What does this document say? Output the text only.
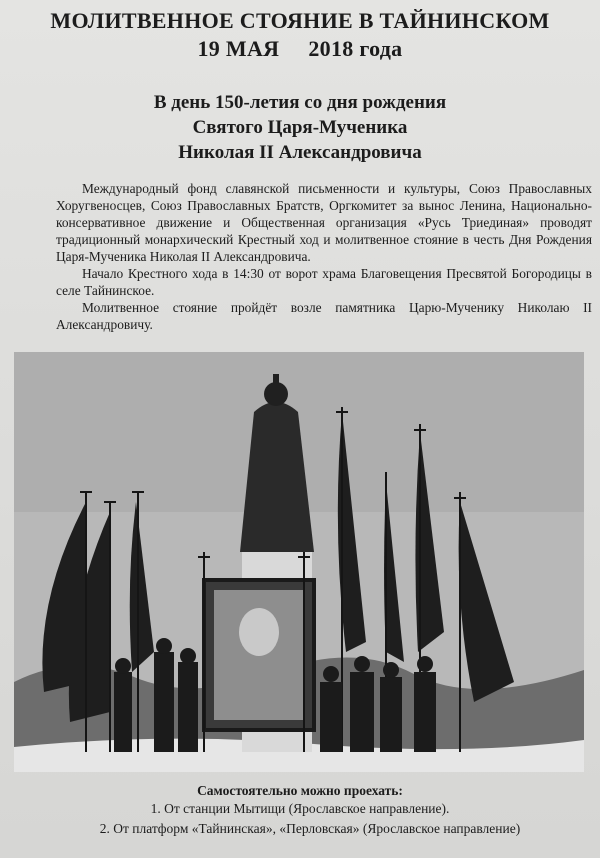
МОЛИТВЕННОЕ СТОЯНИЕ В ТАЙНИНСКОМ
19 МАЯ     2018 года
В день 150-летия со дня рождения
Святого Царя-Мученика
Николая II Александровича

Международный фонд славянской письменности и культуры, Союз Православных Хоругвеносцев, Союз Православных Братств, Оргкомитет за вынос Ленина, Национально-консервативное движение и Общественная организация «Русь Триединая» проводят традиционный монархический Крестный ход и молитвенное стояние в честь Дня Рождения Царя-Мученика Николая II Александровича.

Начало Крестного хода в 14:30 от ворот храма Благовещения Пресвятой Богородицы в селе Тайнинское.

Молитвенное стояние пройдёт возле памятника Царю-Мученику Николаю II Александровичу.

Самостоятельно можно проехать:
1. От станции Мытищи (Ярославское направление).
2. От платформ «Тайнинская», «Перловская» (Ярославское направление)
